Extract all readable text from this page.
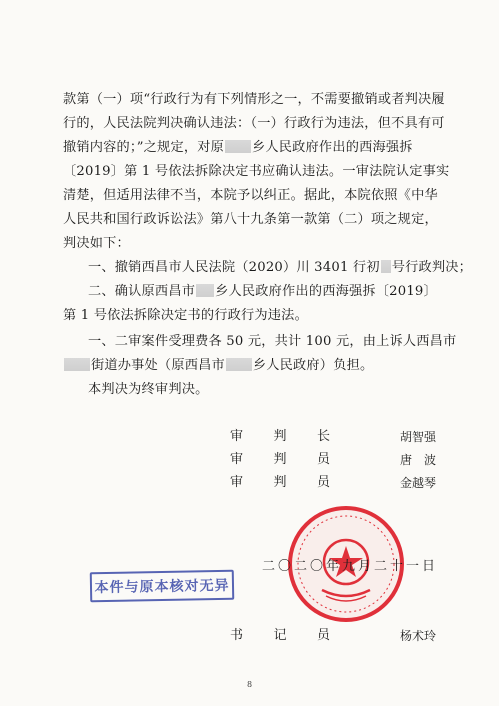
款第（一）项“行政行为有下列情形之一，不需要撤销或者判决履
行的，人民法院判决确认违法：（一）行政行为违法，但不具有可
撤销内容的；”之规定，对原 乡人民政府作出的西海强拆
〔2019〕第 1 号依法拆除决定书应确认违法。一审法院认定事实
清楚，但适用法律不当，本院予以纠正。据此，本院依照《中华
人民共和国行政诉讼法》第八十九条第一款第（二）项之规定，
判决如下：
一、撤销西昌市人民法院（2020）川 3401 行初 号行政判决；
二、确认原西昌市 乡人民政府作出的西海强拆〔2019〕
第 1 号依法拆除决定书的行政行为违法。
一、二审案件受理费各 50 元，共计 100 元，由上诉人西昌市
街道办事处（原西昌市 乡人民政府）负担。
本判决为终审判决。
审 判 长	胡智强
审 判 员	唐　波
审 判 员	金越琴
二〇二〇年九月二十一日
本件与原本核对无异
书 记 员	杨术玲
8
